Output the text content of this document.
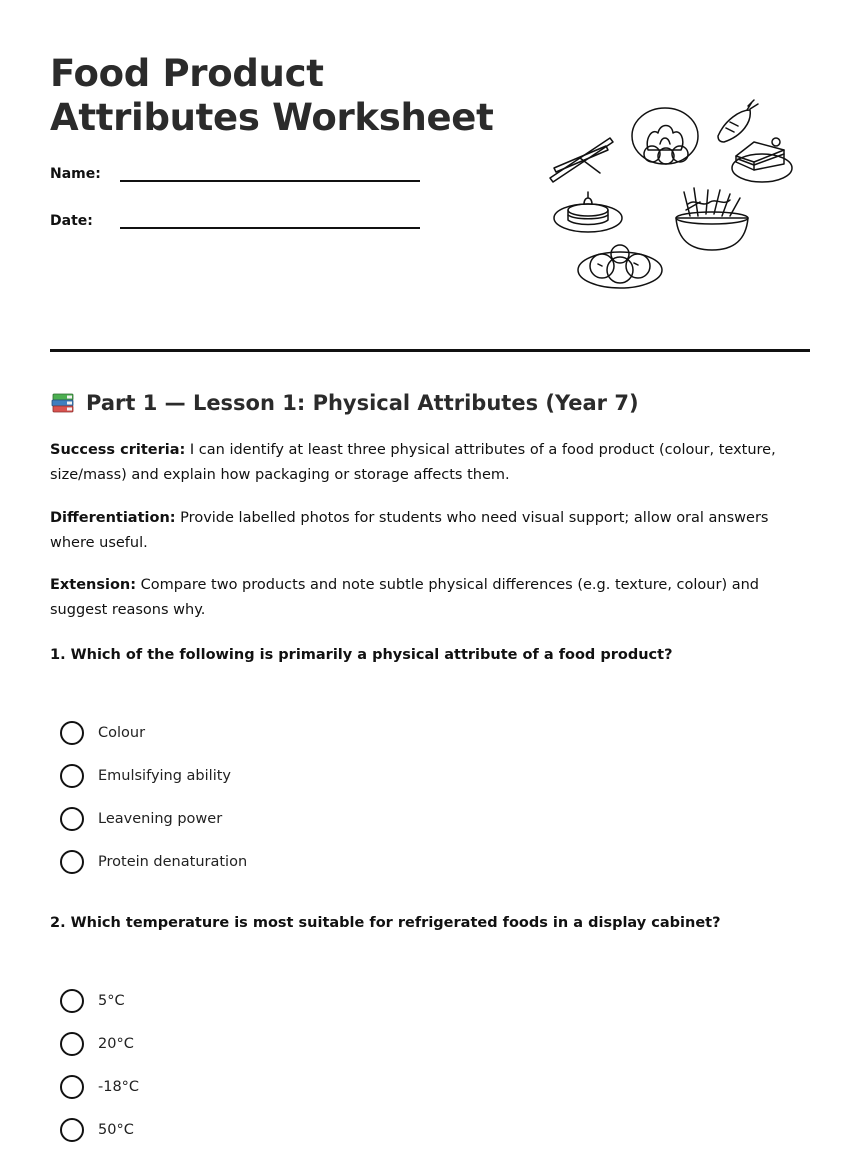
Food Product Attributes Worksheet
Name:
Date:
Part 1 — Lesson 1: Physical Attributes (Year 7)

Success criteria: I can identify at least three physical attributes of a food product (colour, texture, size/mass) and explain how packaging or storage affects them.

Differentiation: Provide labelled photos for students who need visual support; allow oral answers where useful.

Extension: Compare two products and note subtle physical differences (e.g. texture, colour) and suggest reasons why.

1. Which of the following is primarily a physical attribute of a food product?
Colour
Emulsifying ability
Leavening power
Protein denaturation
2. Which temperature is most suitable for refrigerated foods in a display cabinet?
5°C
20°C
-18°C
50°C
